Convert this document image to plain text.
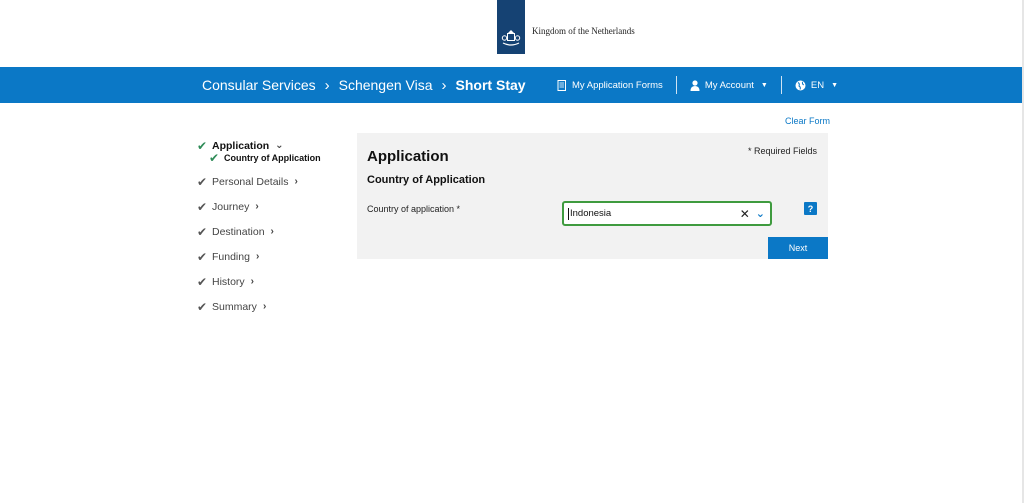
Kingdom of the Netherlands
Consular Services › Schengen Visa › Short Stay	My Application Forms	My Account ▼	EN ▼
Clear Form
✔ Application ⌄
✔ Country of Application
✔ Personal Details ›
✔ Journey ›
✔ Destination ›
✔ Funding ›
✔ History ›
✔ Summary ›
Application
Country of Application
* Required Fields
Country of application *	Indonesia	✕ ⌄	?
Next
